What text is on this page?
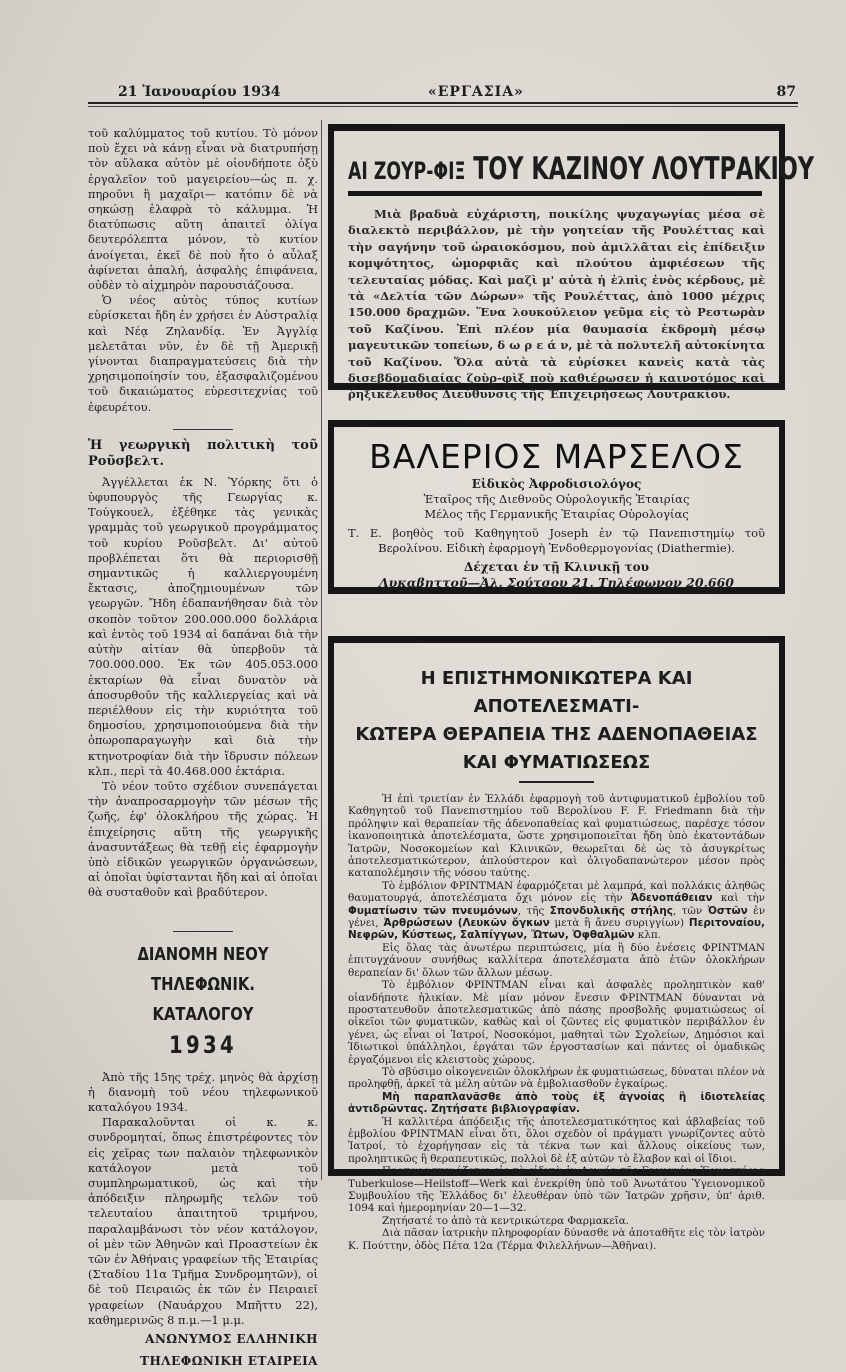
21 Ἰανουαρίου 1934	«ΕΡΓΑΣΙΑ»	87

τοῦ καλύμματος τοῦ κυτίου. Τὸ μόνον ποὺ ἔχει νὰ κάνῃ εἶναι νὰ διατρυπήσῃ τὸν αὔλακα αὐτὸν μὲ οἱονδήποτε ὀξὺ ἐργαλεῖον τοῦ μαγειρείου—ὡς π. χ. πηροῦνι ἢ μαχαῖρι— κατόπιν δὲ νὰ σηκώσῃ ἐλαφρὰ τὸ κάλυμμα. Ἡ διατύπωσις αὕτη ἀπαιτεῖ ὀλίγα δευτερόλεπτα μόνον, τὸ κυτίον ἀνοίγεται, ἐκεῖ δὲ ποὺ ἦτο ὁ αὖλαξ ἀφίνεται ἁπαλή, ἀσφαλὴς ἐπιφάνεια, οὐδὲν τὸ αἰχμηρὸν παρουσιάζουσα.

Ὁ νέος αὐτὸς τύπος κυτίων εὑρίσκεται ἤδη ἐν χρήσει ἐν Αὐστραλίᾳ καὶ Νέᾳ Ζηλανδίᾳ. Ἐν Ἀγγλίᾳ μελετᾶται νῦν, ἐν δὲ τῇ Ἀμερικῇ γίνονται διαπραγματεύσεις διὰ τὴν χρησιμοποίησίν του, ἐξασφαλιζομένου τοῦ δικαιώματος εὑρεσιτεχνίας τοῦ ἐφευρέτου.

Ἡ γεωργικὴ πολιτικὴ τοῦ Ροῦσβελτ.

Ἀγγέλλεται ἐκ Ν. Ὑόρκης ὅτι ὁ ὑφυπουργὸς τῆς Γεωργίας κ. Τούγκουελ, ἐξέθηκε τὰς γενικὰς γραμμὰς τοῦ γεωργικοῦ προγράμματος τοῦ κυρίου Ροῦσβελτ. Δι' αὐτοῦ προβλέπεται ὅτι θὰ περιορισθῇ σημαντικῶς ἡ καλλιεργουμένη ἔκτασις, ἀποζημιουμένων τῶν γεωργῶν. Ἤδη ἐδαπανήθησαν διὰ τὸν σκοπὸν τοῦτον 200.000.000 δολλάρια καὶ ἐντὸς τοῦ 1934 αἱ δαπάναι διὰ τὴν αὐτὴν αἰτίαν θὰ ὑπερβοῦν τὰ 700.000.000. Ἐκ τῶν 405.053.000 ἑκταρίων θὰ εἶναι δυνατὸν νὰ ἀποσυρθοῦν τῆς καλλιεργείας καὶ νὰ περιέλθουν εἰς τὴν κυριότητα τοῦ δημοσίου, χρησιμοποιούμενα διὰ τὴν ὀπωροπαραγωγὴν καὶ διὰ τὴν κτηνοτροφίαν διὰ τὴν ἵδρυσιν πόλεων κλπ., περὶ τὰ 40.468.000 ἑκτάρια.

Τὸ νέον τοῦτο σχέδιον συνεπάγεται τὴν ἀναπροσαρμογὴν τῶν μέσων τῆς ζωῆς, ἐφ' ὁλοκλήρου τῆς χώρας. Ἡ ἐπιχείρησις αὕτη τῆς γεωργικῆς ἀνασυντάξεως θὰ τεθῇ εἰς ἐφαρμογὴν ὑπὸ εἰδικῶν γεωργικῶν ὀργανώσεων, αἱ ὁποῖαι ὑφίστανται ἤδη καὶ αἱ ὁποῖαι θὰ συσταθοῦν καὶ βραδύτερον.

ΔΙΑΝΟΜΗ ΝΕΟΥ
ΤΗΛΕΦΩΝΙΚ. ΚΑΤΑΛΟΓΟΥ
1934

Ἀπὸ τῆς 15ης τρέχ. μηνὸς θὰ ἀρχίσῃ ἡ διανομὴ τοῦ νέου τηλεφωνικοῦ καταλόγου 1934.

Παρακαλοῦνται οἱ κ. κ. συνδρομηταί, ὅπως ἐπιστρέφοντες τὸν εἰς χεῖρας των παλαιὸν τηλεφωνικὸν κατάλογον μετὰ τοῦ συμπληρωματικοῦ, ὡς καὶ τὴν ἀπόδειξιν πληρωμῆς τελῶν τοῦ τελευταίου ἀπαιτητοῦ τριμήνου, παραλαμβάνωσι τὸν νέον κατάλογον, οἱ μὲν τῶν Ἀθηνῶν καὶ Προαστείων ἐκ τῶν ἐν Ἀθήναις γραφείων τῆς Ἑταιρίας (Σταδίου 11α Τμῆμα Συνδρομητῶν), οἱ δὲ τοῦ Πειραιῶς ἐκ τῶν ἐν Πειραιεῖ γραφείων (Ναυάρχου Μπῆττυ 22), καθημερινῶς 8 π.μ.—1 μ.μ.

ΑΝΩΝΥΜΟΣ ΕΛΛΗΝΙΚΗ
ΤΗΛΕΦΩΝΙΚΗ ΕΤΑΙΡΕΙΑ
ΑΙ ΖΟΥΡ-ΦΙΞ ΤΟΥ ΚΑΖΙΝΟΥ ΛΟΥΤΡΑΚΙΟΥ

Μιὰ βραδυὰ εὐχάριστη, ποικίλης ψυχαγωγίας μέσα σὲ διαλεκτὸ περιβάλλον, μὲ τὴν γοητείαν τῆς Ρουλέττας καὶ τὴν σαγήνην τοῦ ὡραιοκόσμου, ποὺ ἁμιλλᾶται εἰς ἐπίδειξιν κομψότητος, ὠμορφιᾶς καὶ πλούτου ἀμφιέσεων τῆς τελευταίας μόδας. Καὶ μαζὶ μ' αὐτὰ ἡ ἐλπὶς ἑνὸς κέρδους, μὲ τὰ «Δελτία τῶν Δώρων» τῆς Ρουλέττας, ἀπὸ 1000 μέχρις 150.000 δραχμῶν. Ἕνα λουκούλειον γεῦμα εἰς τὸ Ρεστωρὰν τοῦ Καζίνου. Ἐπὶ πλέον μία θαυμασία ἐκδρομὴ μέσῳ μαγευτικῶν τοπείων, δ ω ρ ε ά ν, μὲ τὰ πολυτελῆ αὐτοκίνητα τοῦ Καζίνου. Ὅλα αὐτὰ τὰ εὑρίσκει κανεὶς κατὰ τὰς δισεβδομαδιαίας ζοὺρ-φὶξ ποὺ καθιέρωσεν ἡ καινοτόμος καὶ ῥηξικέλευθος Διεύθυνσις τῆς Ἐπιχειρήσεως Λουτρακίου.

ΒΑΛΕΡΙΟΣ ΜΑΡΣΕΛΟΣ
Εἰδικὸς Ἀφροδισιολόγος
Ἑταῖρος τῆς Διεθνοῦς Οὐρολογικῆς Ἑταιρίας
Μέλος τῆς Γερμανικῆς Ἑταιρίας Οὐρολογίας
Τ. Ε. βοηθὸς τοῦ Καθηγητοῦ Joseph ἐν τῷ Πανεπιστημίῳ τοῦ Βερολίνου. Εἰδικὴ ἐφαρμογὴ Ἐνδοθερμογονίας (Diathermie).
Δέχεται ἐν τῇ Κλινικῇ του
Λυκαβηττοῦ—Ἀλ. Σούτσου 21. Τηλέφωνον 20.660
Η ΕΠΙΣΤΗΜΟΝΙΚΩΤΕΡΑ ΚΑΙ ΑΠΟΤΕΛΕΣΜΑΤΙ-
ΚΩΤΕΡΑ ΘΕΡΑΠΕΙΑ ΤΗΣ ΑΔΕΝΟΠΑΘΕΙΑΣ
ΚΑΙ ΦΥΜΑΤΙΩΣΕΩΣ

Ἡ ἐπὶ τριετίαν ἐν Ἑλλάδι ἐφαρμογὴ τοῦ ἀντιφυματικοῦ ἐμβολίου τοῦ Καθηγητοῦ τοῦ Πανεπιστημίου τοῦ Βερολίνου F. F. Friedmann διὰ τὴν πρόληψιν καὶ θεραπείαν τῆς ἀδενοπαθείας καὶ φυματιώσεως, παρέσχε τόσον ἱκανοποιητικὰ ἀποτελέσματα, ὥστε χρησιμοποιεῖται ἤδη ὑπὸ ἑκατοντάδων Ἰατρῶν, Νοσοκομείων καὶ Κλινικῶν, θεωρεῖται δὲ ὡς τὸ ἀσυγκρίτως ἀποτελεσματικώτερον, ἁπλούστερον καὶ ὀλιγοδαπανώτερον μέσον πρὸς καταπολέμησιν τῆς νόσου ταύτης.

Τὸ ἐμβόλιον ΦΡΙΝΤΜΑΝ ἐφαρμόζεται μὲ λαμπρά, καὶ πολλάκις ἀληθῶς θαυματουργά, ἀποτελέσματα ὄχι μόνον εἰς τὴν Ἀδενοπάθειαν καὶ τὴν Φυματίωσιν τῶν πνευμόνων, τῆς Σπονδυλικῆς στήλης, τῶν Ὀστῶν ἐν γένει, Ἀρθρώσεων (Λευκῶν ὄγκων μετὰ ἢ ἄνευ συριγγίων) Περιτοναίου, Νεφρῶν, Κύστεως, Σαλπίγγων, Ὤτων, Ὀφθαλμῶν κλπ.

Εἰς ὅλας τὰς ἀνωτέρω περιπτώσεις, μία ἢ δύο ἐνέσεις ΦΡΙΝΤΜΑΝ ἐπιτυγχάνουν συνήθως καλλίτερα ἀποτελέσματα ἀπὸ ἐτῶν ὁλοκλήρων θεραπείαν δι' ὅλων τῶν ἄλλων μέσων.

Τὸ ἐμβόλιον ΦΡΙΝΤΜΑΝ εἶναι καὶ ἀσφαλὲς προληπτικὸν καθ' οἱανδήποτε ἡλικίαν. Μὲ μίαν μόνον ἔνεσιν ΦΡΙΝΤΜΑΝ δύνανται νὰ προστατευθοῦν ἀποτελεσματικῶς ἀπὸ πάσης προσβολῆς φυματιώσεως οἱ οἰκεῖοι τῶν φυματικῶν, καθὼς καὶ οἱ ζῶντες εἰς φυματικὸν περιβάλλον ἐν γένει, ὡς εἶναι οἱ Ἰατροί, Νοσοκόμοι, μαθηταὶ τῶν Σχολείων, Δημόσιοι καὶ Ἰδιωτικοὶ ὑπάλληλοι, ἐργάται τῶν ἐργοστασίων καὶ πάντες οἱ ὁμαδικῶς ἐργαζόμενοι εἰς κλειστοὺς χώρους.

Τὸ σβύσιμο οἰκογενειῶν ὁλοκλήρων ἐκ φυματιώσεως, δύναται πλέον νὰ προληφθῇ, ἀρκεῖ τὰ μέλη αὐτῶν νὰ ἐμβολιασθοῦν ἐγκαίρως.

Μὴ παραπλανᾶσθε ἀπὸ τοὺς ἐξ ἀγνοίας ἢ ἰδιοτελείας ἀντιδρῶντας. Ζητήσατε βιβλιογραφίαν.

Ἡ καλλιτέρα ἀπόδειξις τῆς ἀποτελεσματικότητος καὶ ἀβλαβείας τοῦ ἐμβολίου ΦΡΙΝΤΜΑΝ εἶναι ὅτι, ὅλοι σχεδὸν οἱ πράγματι γνωρίζοντες αὐτὸ Ἰατροί, τὸ ἐχορήγησαν εἰς τὰ τέκνα των καὶ ἄλλους οἰκείους των, προληπτικῶς ἢ θεραπευτικῶς, πολλοὶ δὲ ἐξ αὐτῶν τὸ ἔλαβον καὶ οἱ ἴδιοι.

Προπαρασκευάζεται εἰς τὰ εἰδικὰ ἐν Λειψίᾳ τῆς Γερμανίας Ἐργαστήρια Tuberkulose—Heilstoff—Werk καὶ ἐνεκρίθη ὑπὸ τοῦ Ἀνωτάτου Ὑγειονομικοῦ Συμβουλίου τῆς Ἑλλάδος δι' ἐλευθέραν ὑπὸ τῶν Ἰατρῶν χρῆσιν, ὑπ' ἀριθ. 1094 καὶ ἡμερομηνίαν 20—1—32.

Ζητήσατέ το ἀπὸ τὰ κεντρικώτερα Φαρμακεῖα.

Διὰ πᾶσαν ἰατρικὴν πληροφορίαν δύνασθε νὰ ἀποταθῆτε εἰς τὸν ἰατρὸν Κ. Πούττην, ὁδὸς Πέτα 12α (Τέρμα Φιλελλήνων—Ἀθῆναι).
